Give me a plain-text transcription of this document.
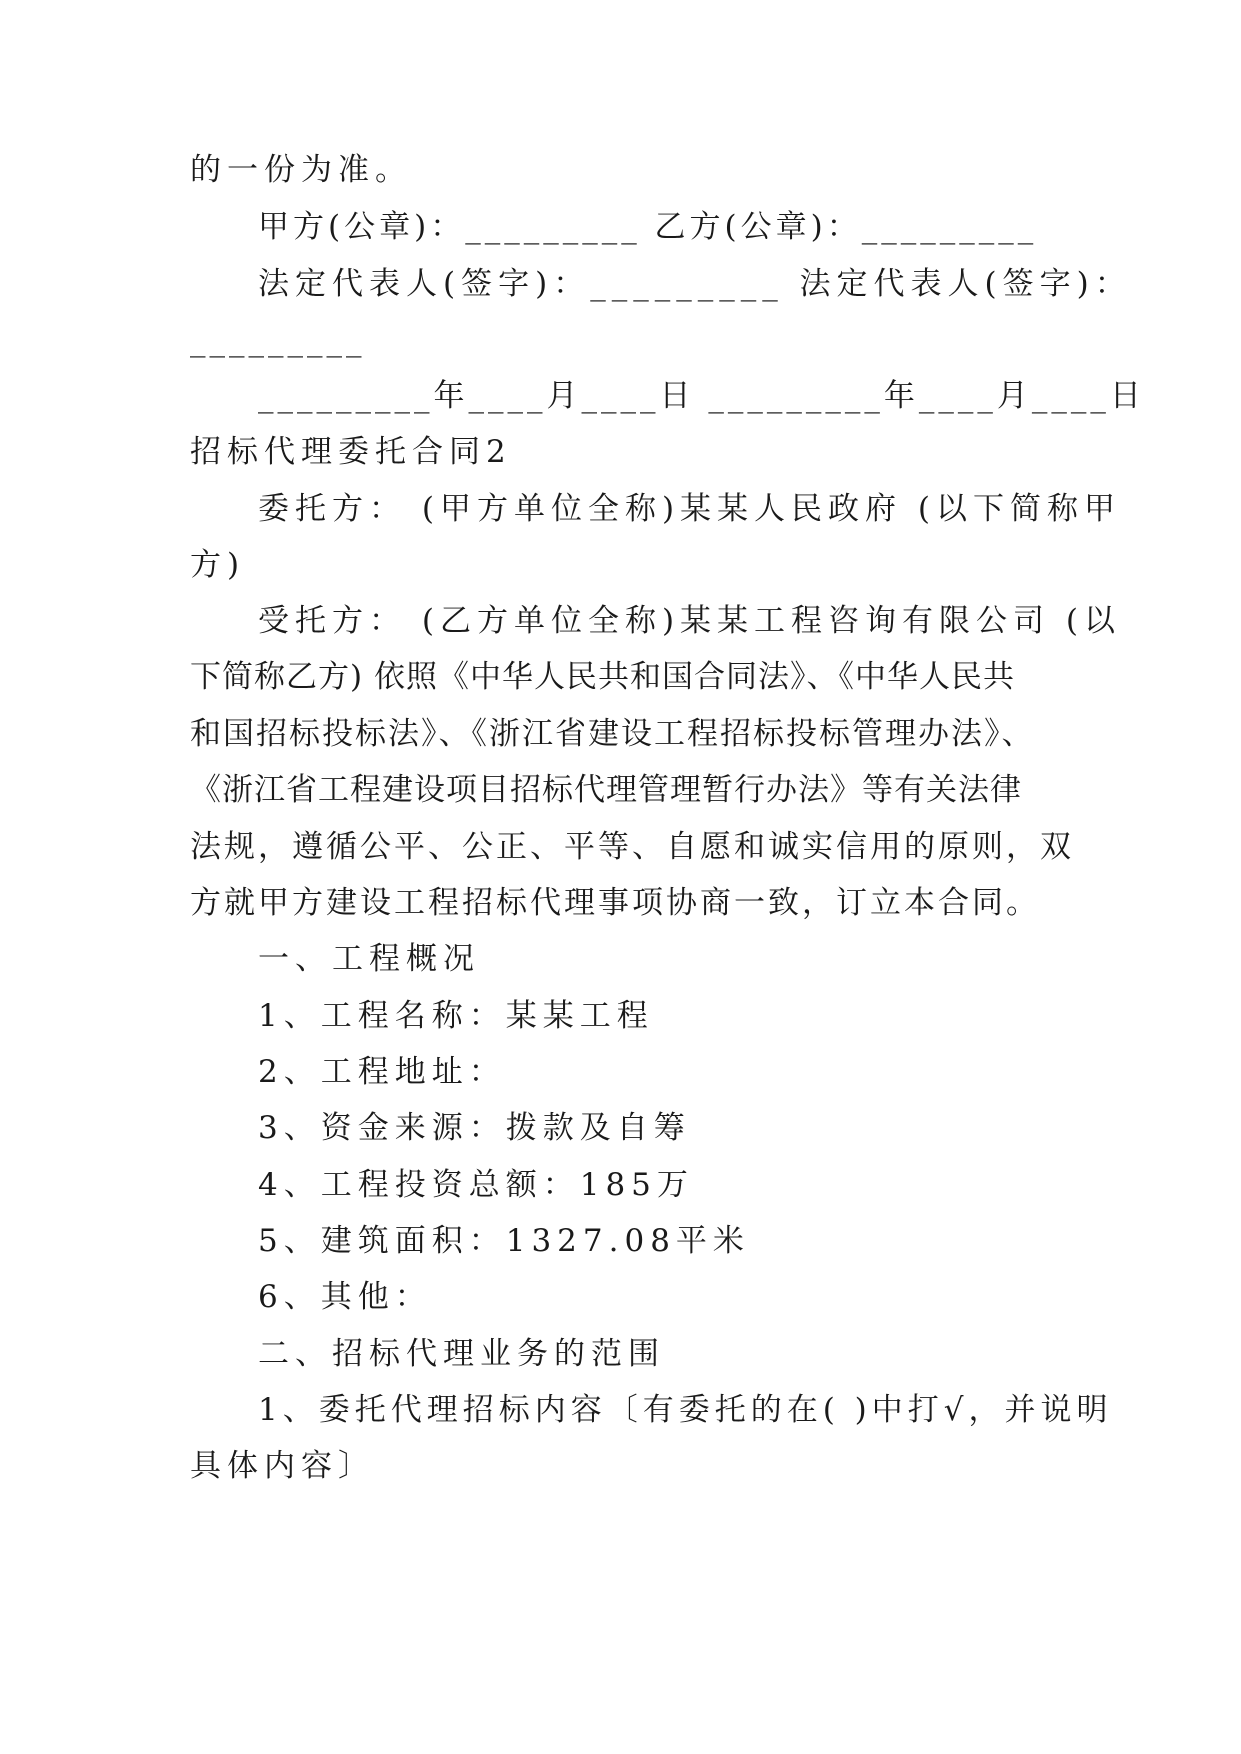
的一份为准。

甲方(公章)：_________ 乙方(公章)：_________

法定代表人(签字)：_________ 法定代表人(签字)：

_________

_________年____月____日 _________年____月____日

招标代理委托合同2

委托方： (甲方单位全称)某某人民政府 (以下简称甲

方)

受托方： (乙方单位全称)某某工程咨询有限公司 (以

下简称乙方) 依照《中华人民共和国合同法》、《中华人民共

和国招标投标法》、《浙江省建设工程招标投标管理办法》、

《浙江省工程建设项目招标代理管理暂行办法》等有关法律

法规，遵循公平、公正、平等、自愿和诚实信用的原则，双

方就甲方建设工程招标代理事项协商一致，订立本合同。

一、工程概况

1、工程名称：某某工程

2、工程地址：

3、资金来源：拨款及自筹

4、工程投资总额：185万

5、建筑面积：1327.08平米

6、其他：

二、招标代理业务的范围

1、委托代理招标内容〔有委托的在( )中打√，并说明

具体内容〕
